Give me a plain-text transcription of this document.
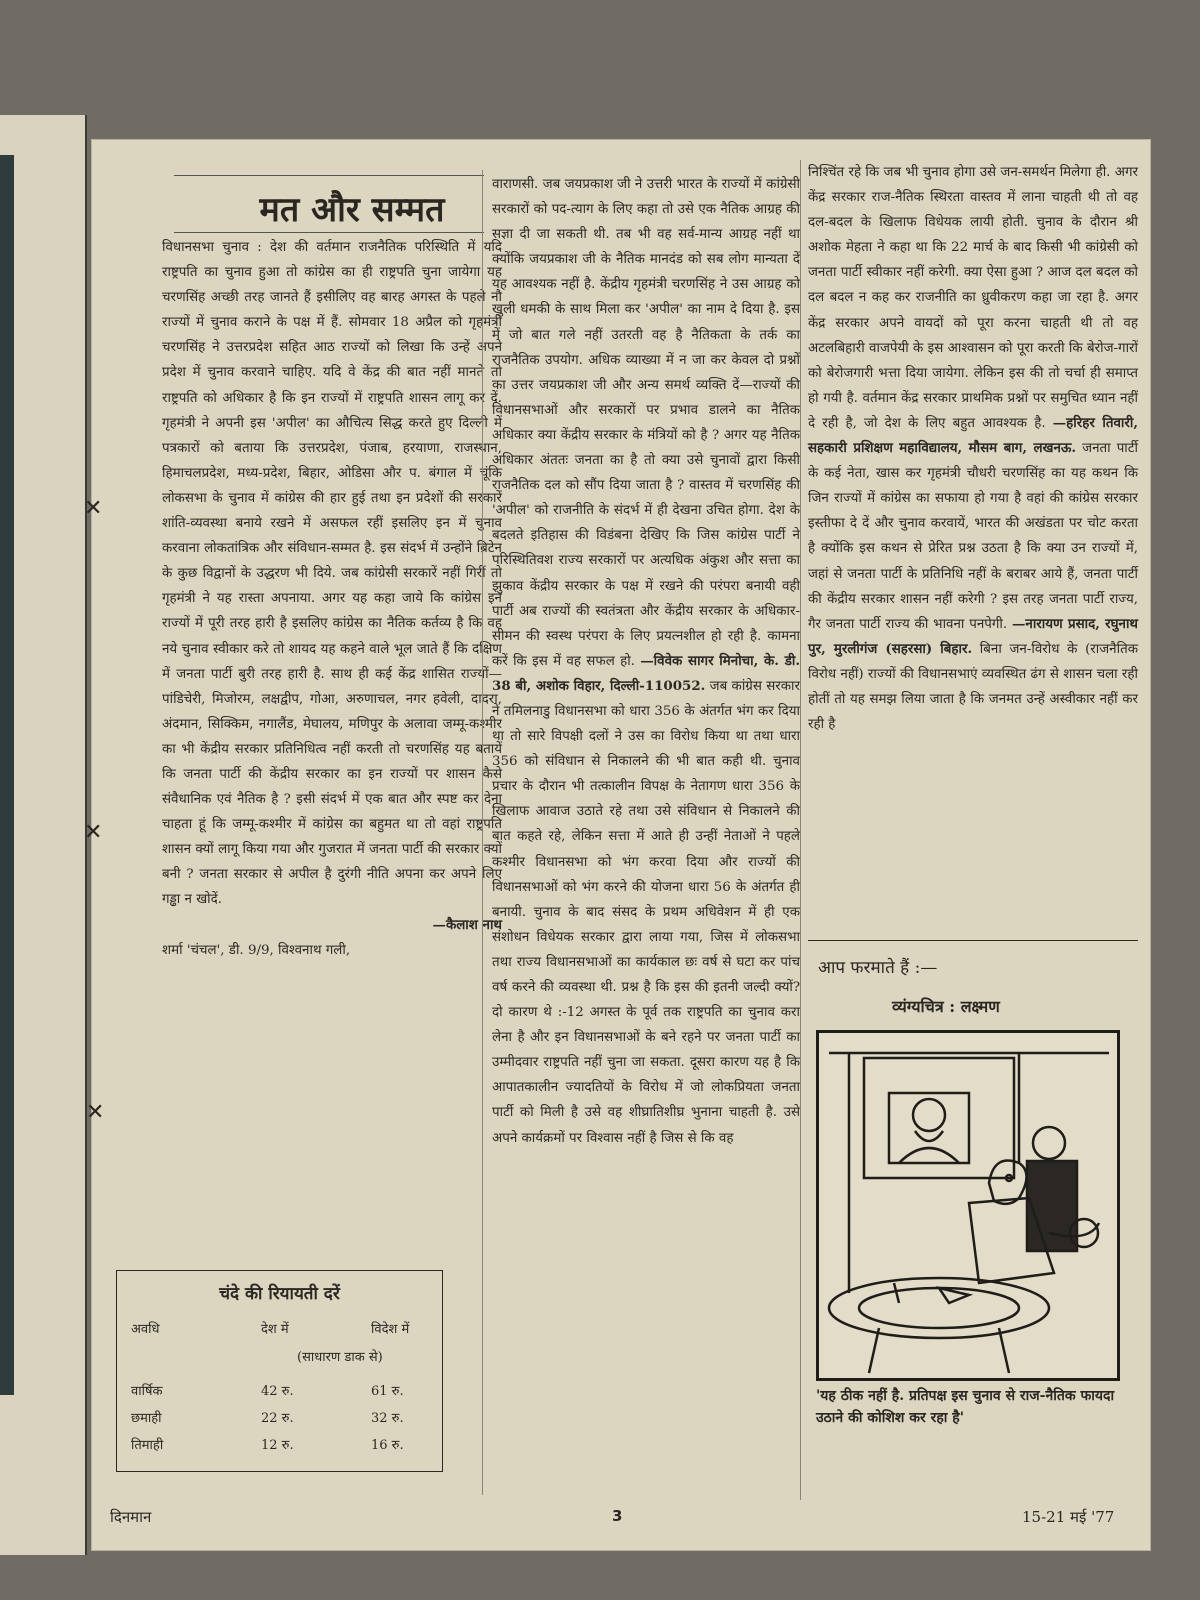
✕
✕
✕
मत और सम्मत

विधानसभा चुनाव : देश की वर्तमान राजनैतिक परिस्थिति में यदि राष्ट्रपति का चुनाव हुआ तो कांग्रेस का ही राष्ट्रपति चुना जायेगा यह चरणसिंह अच्छी तरह जानते हैं इसीलिए वह बारह अगस्त के पहले नौ राज्यों में चुनाव कराने के पक्ष में हैं. सोमवार 18 अप्रैल को गृहमंत्री चरणसिंह ने उत्तरप्रदेश सहित आठ राज्यों को लिखा कि उन्हें अपने प्रदेश में चुनाव करवाने चाहिए. यदि वे केंद्र की बात नहीं मानते तो राष्ट्रपति को अधिकार है कि इन राज्यों में राष्ट्रपति शासन लागू कर दें. गृहमंत्री ने अपनी इस 'अपील' का औचित्य सिद्ध करते हुए दिल्ली में पत्रकारों को बताया कि उत्तरप्रदेश, पंजाब, हरयाणा, राजस्थान, हिमाचलप्रदेश, मध्य-प्रदेश, बिहार, ओडिसा और प. बंगाल में चूंकि लोकसभा के चुनाव में कांग्रेस की हार हुई तथा इन प्रदेशों की सरकारें शांति-व्यवस्था बनाये रखने में असफल रहीं इसलिए इन में चुनाव करवाना लोकतांत्रिक और संविधान-सम्मत है. इस संदर्भ में उन्होंने ब्रिटेन के कुछ विद्वानों के उद्धरण भी दिये. जब कांग्रेसी सरकारें नहीं गिरीं तो गृहमंत्री ने यह रास्ता अपनाया. अगर यह कहा जाये कि कांग्रेस इन राज्यों में पूरी तरह हारी है इसलिए कांग्रेस का नैतिक कर्तव्य है कि वह नये चुनाव स्वीकार करे तो शायद यह कहने वाले भूल जाते हैं कि दक्षिण में जनता पार्टी बुरी तरह हारी है. साथ ही कई केंद्र शासित राज्यों—पांडिचेरी, मिजोरम, लक्षद्वीप, गोआ, अरुणाचल, नगर हवेली, दादरा, अंदमान, सिक्किम, नगालैंड, मेघालय, मणिपुर के अलावा जम्मू-कश्मीर का भी केंद्रीय सरकार प्रतिनिधित्व नहीं करती तो चरणसिंह यह बतायें कि जनता पार्टी की केंद्रीय सरकार का इन राज्यों पर शासन कैसे संवैधानिक एवं नैतिक है ? इसी संदर्भ में एक बात और स्पष्ट कर देना चाहता हूं कि जम्मू-कश्मीर में कांग्रेस का बहुमत था तो वहां राष्ट्रपति शासन क्यों लागू किया गया और गुजरात में जनता पार्टी की सरकार क्यों बनी ? जनता सरकार से अपील है दुरंगी नीति अपना कर अपने लिए गड्ढा न खोदें.

—कैलाश नाथ

शर्मा 'चंचल', डी. 9/9, विश्वनाथ गली,

चंदे की रियायती दरें
अवधि	देश में	विदेश में
(साधारण डाक से)
वार्षिक	42 रु.	61 रु.
छमाही	22 रु.	32 रु.
तिमाही	12 रु.	16 रु.

वाराणसी. जब जयप्रकाश जी ने उत्तरी भारत के राज्यों में कांग्रेसी सरकारों को पद-त्याग के लिए कहा तो उसे एक नैतिक आग्रह की सज्ञा दी जा सकती थी. तब भी वह सर्व-मान्य आग्रह नहीं था क्योंकि जयप्रकाश जी के नैतिक मानदंड को सब लोग मान्यता दें यह आवश्यक नहीं है. केंद्रीय गृहमंत्री चरणसिंह ने उस आग्रह को खुली धमकी के साथ मिला कर 'अपील' का नाम दे दिया है. इस में जो बात गले नहीं उतरती वह है नैतिकता के तर्क का राजनैतिक उपयोग. अधिक व्याख्या में न जा कर केवल दो प्रश्नों का उत्तर जयप्रकाश जी और अन्य समर्थ व्यक्ति दें—राज्यों की विधानसभाओं और सरकारों पर प्रभाव डालने का नैतिक अधिकार क्या केंद्रीय सरकार के मंत्रियों को है ? अगर यह नैतिक अधिकार अंततः जनता का है तो क्या उसे चुनावों द्वारा किसी राजनैतिक दल को सौंप दिया जाता है ? वास्तव में चरणसिंह की 'अपील' को राजनीति के संदर्भ में ही देखना उचित होगा. देश के बदलते इतिहास की विडंबना देखिए कि जिस कांग्रेस पार्टी ने परिस्थितिवश राज्य सरकारों पर अत्यधिक अंकुश और सत्ता का झुकाव केंद्रीय सरकार के पक्ष में रखने की परंपरा बनायी वही पार्टी अब राज्यों की स्वतंत्रता और केंद्रीय सरकार के अधिकार-सीमन की स्वस्थ परंपरा के लिए प्रयत्नशील हो रही है. कामना करें कि इस में वह सफल हो. —विवेक सागर मिनोचा, के. डी. 38 बी, अशोक विहार, दिल्ली-110052. जब कांग्रेस सरकार ने तमिलनाडु विधानसभा को धारा 356 के अंतर्गत भंग कर दिया था तो सारे विपक्षी दलों ने उस का विरोध किया था तथा धारा 356 को संविधान से निकालने की भी बात कही थी. चुनाव प्रचार के दौरान भी तत्कालीन विपक्ष के नेतागण धारा 356 के खिलाफ आवाज उठाते रहे तथा उसे संविधान से निकालने की बात कहते रहे, लेकिन सत्ता में आते ही उन्हीं नेताओं ने पहले कश्मीर विधानसभा को भंग करवा दिया और राज्यों की विधानसभाओं को भंग करने की योजना धारा 56 के अंतर्गत ही बनायी. चुनाव के बाद संसद के प्रथम अधिवेशन में ही एक संशोधन विधेयक सरकार द्वारा लाया गया, जिस में लोकसभा तथा राज्य विधानसभाओं का कार्यकाल छः वर्ष से घटा कर पांच वर्ष करने की व्यवस्था थी. प्रश्न है कि इस की इतनी जल्दी क्यों? दो कारण थे :-12 अगस्त के पूर्व तक राष्ट्रपति का चुनाव करा लेना है और इन विधानसभाओं के बने रहने पर जनता पार्टी का उम्मीदवार राष्ट्रपति नहीं चुना जा सकता. दूसरा कारण यह है कि आपातकालीन ज्यादतियों के विरोध में जो लोकप्रियता जनता पार्टी को मिली है उसे वह शीघ्रातिशीघ्र भुनाना चाहती है. उसे अपने कार्यक्रमों पर विश्वास नहीं है जिस से कि वह

निश्चिंत रहे कि जब भी चुनाव होगा उसे जन-समर्थन मिलेगा ही. अगर केंद्र सरकार राज-नैतिक स्थिरता वास्तव में लाना चाहती थी तो वह दल-बदल के खिलाफ विधेयक लायी होती. चुनाव के दौरान श्री अशोक मेहता ने कहा था कि 22 मार्च के बाद किसी भी कांग्रेसी को जनता पार्टी स्वीकार नहीं करेगी. क्या ऐसा हुआ ? आज दल बदल को दल बदल न कह कर राजनीति का ध्रुवीकरण कहा जा रहा है. अगर केंद्र सरकार अपने वायदों को पूरा करना चाहती थी तो वह अटलबिहारी वाजपेयी के इस आश्वासन को पूरा करती कि बेरोज-गारों को बेरोजगारी भत्ता दिया जायेगा. लेकिन इस की तो चर्चा ही समाप्त हो गयी है. वर्तमान केंद्र सरकार प्राथमिक प्रश्नों पर समुचित ध्यान नहीं दे रही है, जो देश के लिए बहुत आवश्यक है. —हरिहर तिवारी, सहकारी प्रशिक्षण महाविद्यालय, मौसम बाग, लखनऊ. जनता पार्टी के कई नेता, खास कर गृहमंत्री चौधरी चरणसिंह का यह कथन कि जिन राज्यों में कांग्रेस का सफाया हो गया है वहां की कांग्रेस सरकार इस्तीफा दे दें और चुनाव करवायें, भारत की अखंडता पर चोट करता है क्योंकि इस कथन से प्रेरित प्रश्न उठता है कि क्या उन राज्यों में, जहां से जनता पार्टी के प्रतिनिधि नहीं के बराबर आये हैं, जनता पार्टी की केंद्रीय सरकार शासन नहीं करेगी ? इस तरह जनता पार्टी राज्य, गैर जनता पार्टी राज्य की भावना पनपेगी. —नारायण प्रसाद, रघुनाथ पुर, मुरलीगंज (सहरसा) बिहार. बिना जन-विरोध के (राजनैतिक विरोध नहीं) राज्यों की विधानसभाएं व्यवस्थित ढंग से शासन चला रही होतीं तो यह समझ लिया जाता है कि जनमत उन्हें अस्वीकार नहीं कर रही है

आप फरमाते हैं :—
व्यंग्यचित्र : लक्ष्मण
'यह ठीक नहीं है. प्रतिपक्ष इस चुनाव से राज-नैतिक फायदा उठाने की कोशिश कर रहा है'
दिनमान	3	15-21 मई '77
